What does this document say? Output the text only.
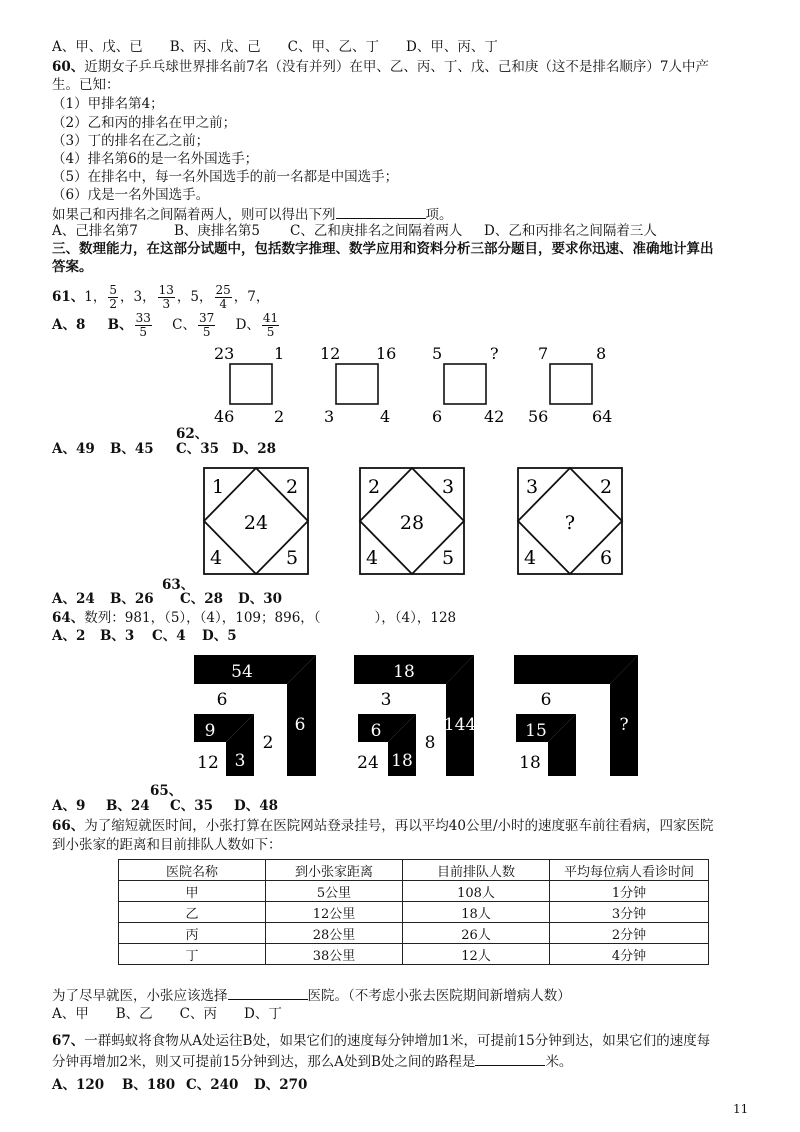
A、甲、戊、已　　B、丙、戊、己　　C、甲、乙、丁　　D、甲、丙、丁
60、近期女子乒乓球世界排名前7名（没有并列）在甲、乙、丙、丁、戊、己和庚（这不是排名顺序）7人中产
生。已知：
（1）甲排名第4；
（2）乙和丙的排名在甲之前；
（3）丁的排名在乙之前；
（4）排名第6的是一名外国选手；
（5）在排名中，每一名外国选手的前一名都是中国选手；
（6）戊是一名外国选手。
如果己和丙排名之间隔着两人，则可以得出下列	项。
A、己排名第7	B、庚排名第5 C、乙和庚排名之间隔着两人 D、乙和丙排名之间隔着三人
三、数理能力，在这部分试题中，包括数字推理、数学应用和资料分析三部分题目，要求你迅速、准确地计算出
答案。
61、1， $\frac{5}{2}$ ，3， $\frac{13}{3}$ ，5， $\frac{25}{4}$ ，7，
A、8 B、 $\frac{33}{5}$ C、 $\frac{37}{5}$ D、 $\frac{41}{5}$
23 1
46 2
12 16
3	4
5	?
6	42
7	8
56	64
62、
A、49 B、45 C、35 D、28
1	2
4	5
24
2	3
4	5
28
3	2
4	6
?
63、
A、24 B、26 C、28 D、30
64、数列：981，（5），（4），109；896，（　　　　），（4），128
A、2 B、3 C、4 D、5
54
6
6
9
3
12
2
18
3
144
6
18
24
8
6
6
?
15
18
65、
A、9 B、24 C、35 D、48
66、为了缩短就医时间，小张打算在医院网站登录挂号，再以平均40公里/小时的速度驱车前往看病，四家医院
到小张家的距离和目前排队人数如下：
医院名称	到小张家距离	目前排队人数	平均每位病人看诊时间
甲	5公里	108人	1分钟
乙	12公里	18人	3分钟
丙	28公里	26人	2分钟
丁	38公里	12人	4分钟
为了尽早就医，小张应该选择	医院。（不考虑小张去医院期间新增病人数）
A、甲　　B、乙　　C、丙　　D、丁
67、一群蚂蚁将食物从A处运往B处，如果它们的速度每分钟增加1米，可提前15分钟到达，如果它们的速度每
分钟再增加2米，则又可提前15分钟到达，那么A处到B处之间的路程是	米。
A、120 B、180 C、240 D、270
11
